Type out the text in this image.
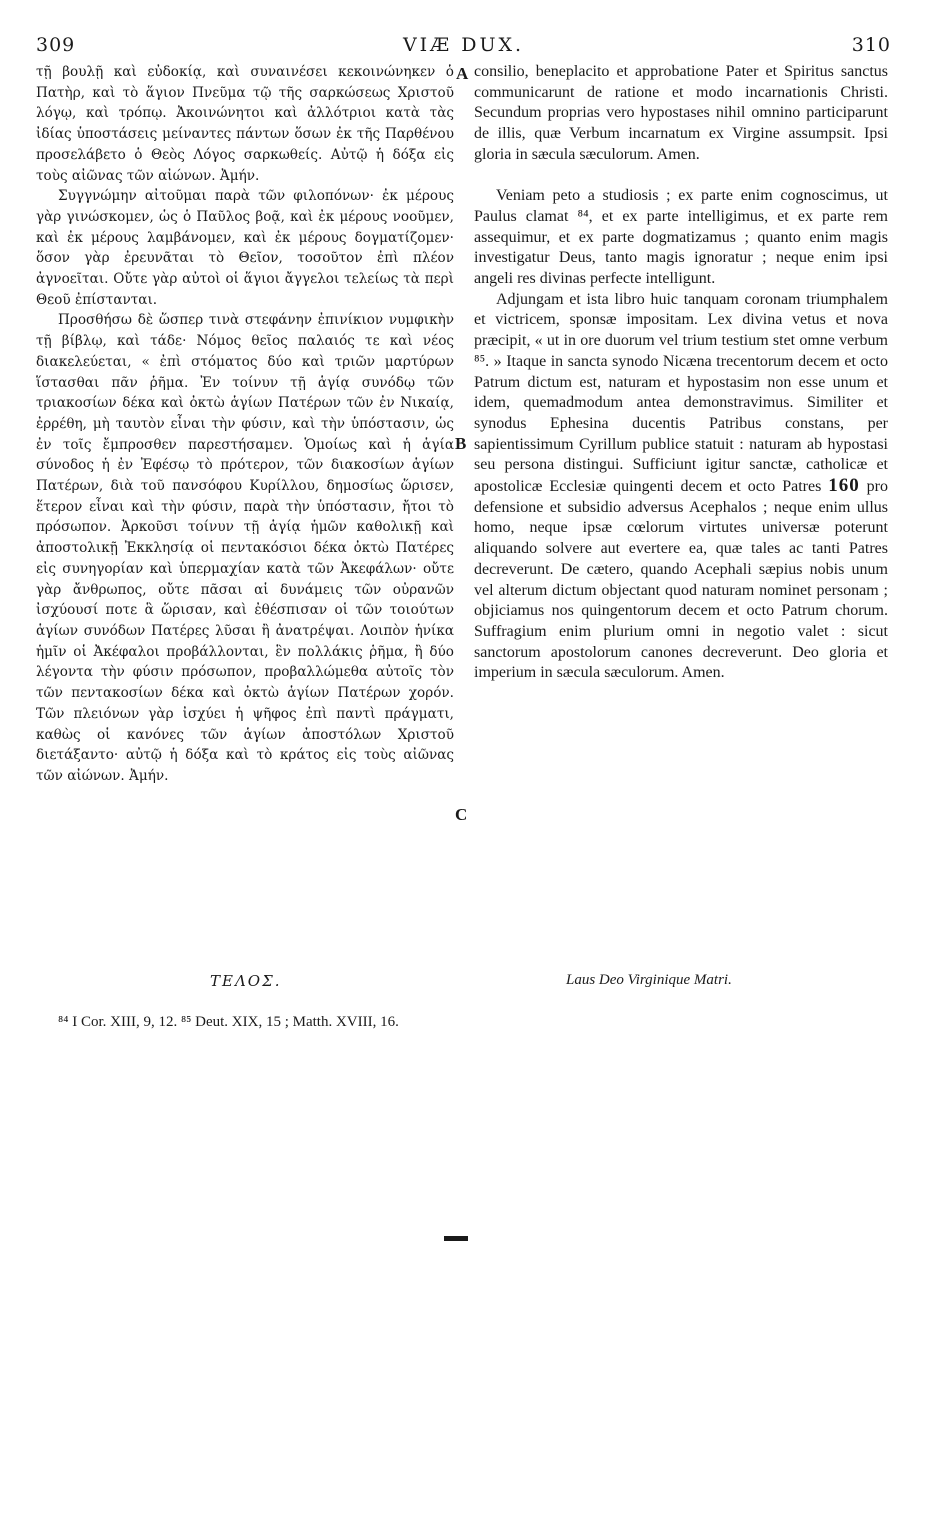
309	VIÆ DUX.	310

τῇ βουλῇ καὶ εὐδοκίᾳ, καὶ συναινέσει κεκοινώνηκεν ὁ Πατὴρ, καὶ τὸ ἅγιον Πνεῦμα τῷ τῆς σαρκώσεως Χριστοῦ λόγῳ, καὶ τρόπῳ. Ἀκοινώνητοι καὶ ἀλλότριοι κατὰ τὰς ἰδίας ὑποστάσεις μείναντες πάντων ὅσων ἐκ τῆς Παρθένου προσελάβετο ὁ Θεὸς Λόγος σαρκωθείς. Αὐτῷ ἡ δόξα εἰς τοὺς αἰῶνας τῶν αἰώνων. Ἀμήν.

Συγγνώμην αἰτοῦμαι παρὰ τῶν φιλοπόνων· ἐκ μέρους γὰρ γινώσκομεν, ὡς ὁ Παῦλος βοᾷ, καὶ ἐκ μέρους νοοῦμεν, καὶ ἐκ μέρους λαμβάνομεν, καὶ ἐκ μέρους δογματίζομεν· ὅσον γὰρ ἐρευνᾶται τὸ Θεῖον, τοσοῦτον ἐπὶ πλέον ἀγνοεῖται. Οὔτε γὰρ αὐτοὶ οἱ ἅγιοι ἄγγελοι τελείως τὰ περὶ Θεοῦ ἐπίστανται.

Προσθήσω δὲ ὥσπερ τινὰ στεφάνην ἐπινίκιον νυμφικὴν τῇ βίβλῳ, καὶ τάδε· Νόμος θεῖος παλαιός τε καὶ νέος διακελεύεται, « ἐπὶ στόματος δύο καὶ τριῶν μαρτύρων ἵστασθαι πᾶν ῥῆμα. Ἐν τοίνυν τῇ ἁγίᾳ συνόδῳ τῶν τριακοσίων δέκα καὶ ὀκτὼ ἁγίων Πατέρων τῶν ἐν Νικαίᾳ, ἐρρέθη, μὴ ταυτὸν εἶναι τὴν φύσιν, καὶ τὴν ὑπόστασιν, ὡς ἐν τοῖς ἔμπροσθεν παρεστήσαμεν. Ὁμοίως καὶ ἡ ἁγία σύνοδος ἡ ἐν Ἐφέσῳ τὸ πρότερον, τῶν διακοσίων ἁγίων Πατέρων, διὰ τοῦ πανσόφου Κυρίλλου, δημοσίως ὥρισεν, ἕτερον εἶναι καὶ τὴν φύσιν, παρὰ τὴν ὑπόστασιν, ἤτοι τὸ πρόσωπον. Ἀρκοῦσι τοίνυν τῇ ἁγίᾳ ἡμῶν καθολικῇ καὶ ἀποστολικῇ Ἐκκλησίᾳ οἱ πεντακόσιοι δέκα ὀκτὼ Πατέρες εἰς συνηγορίαν καὶ ὑπερμαχίαν κατὰ τῶν Ἀκεφάλων· οὔτε γὰρ ἄνθρωπος, οὔτε πᾶσαι αἱ δυνάμεις τῶν οὐρανῶν ἰσχύουσί ποτε ἃ ὥρισαν, καὶ ἐθέσπισαν οἱ τῶν τοιούτων ἁγίων συνόδων Πατέρες λῦσαι ἢ ἀνατρέψαι. Λοιπὸν ἡνίκα ἡμῖν οἱ Ἀκέφαλοι προβάλλονται, ἓν πολλάκις ῥῆμα, ἢ δύο λέγοντα τὴν φύσιν πρόσωπον, προβαλλώμεθα αὐτοῖς τὸν τῶν πεντακοσίων δέκα καὶ ὀκτὼ ἁγίων Πατέρων χορόν. Τῶν πλειόνων γὰρ ἰσχύει ἡ ψῆφος ἐπὶ παντὶ πράγματι, καθὼς οἱ κανόνες τῶν ἁγίων ἀποστόλων Χριστοῦ διετάξαντο· αὐτῷ ἡ δόξα καὶ τὸ κράτος εἰς τοὺς αἰῶνας τῶν αἰώνων. Ἀμήν.

A
B
C

consilio, beneplacito et approbatione Pater et Spiritus sanctus communicarunt de ratione et modo incarnationis Christi. Secundum proprias vero hypostases nihil omnino participarunt de illis, quæ Verbum incarnatum ex Virgine assumpsit. Ipsi gloria in sæcula sæculorum. Amen.

Veniam peto a studiosis ; ex parte enim cognoscimus, ut Paulus clamat ⁸⁴, et ex parte intelligimus, et ex parte rem assequimur, et ex parte dogmatizamus ; quanto enim magis investigatur Deus, tanto magis ignoratur ; neque enim ipsi angeli res divinas perfecte intelligunt.

Adjungam et ista libro huic tanquam coronam triumphalem et victricem, sponsæ impositam. Lex divina vetus et nova præcipit, « ut in ore duorum vel trium testium stet omne verbum ⁸⁵. » Itaque in sancta synodo Nicæna trecentorum decem et octo Patrum dictum est, naturam et hypostasim non esse unum et idem, quemadmodum antea demonstravimus. Similiter et synodus Ephesina ducentis Patribus constans, per sapientissimum Cyrillum publice statuit : naturam ab hypostasi seu persona distingui. Sufficiunt igitur sanctæ, catholicæ et apostolicæ Ecclesiæ quingenti decem et octo Patres 160 pro defensione et subsidio adversus Acephalos ; neque enim ullus homo, neque ipsæ cœlorum virtutes universæ poterunt aliquando solvere aut evertere ea, quæ tales ac tanti Patres decreverunt. De cætero, quando Acephali sæpius nobis unum vel alterum dictum objectant quod naturam nominet personam ; objiciamus nos quingentorum decem et octo Patrum chorum. Suffragium enim plurium omni in negotio valet : sicut sanctorum apostolorum canones decreverunt. Deo gloria et imperium in sæcula sæculorum. Amen.

ΤΕΛΟΣ.	Laus Deo Virginique Matri.
⁸⁴ I Cor. XIII, 9, 12. ⁸⁵ Deut. XIX, 15 ; Matth. XVIII, 16.
